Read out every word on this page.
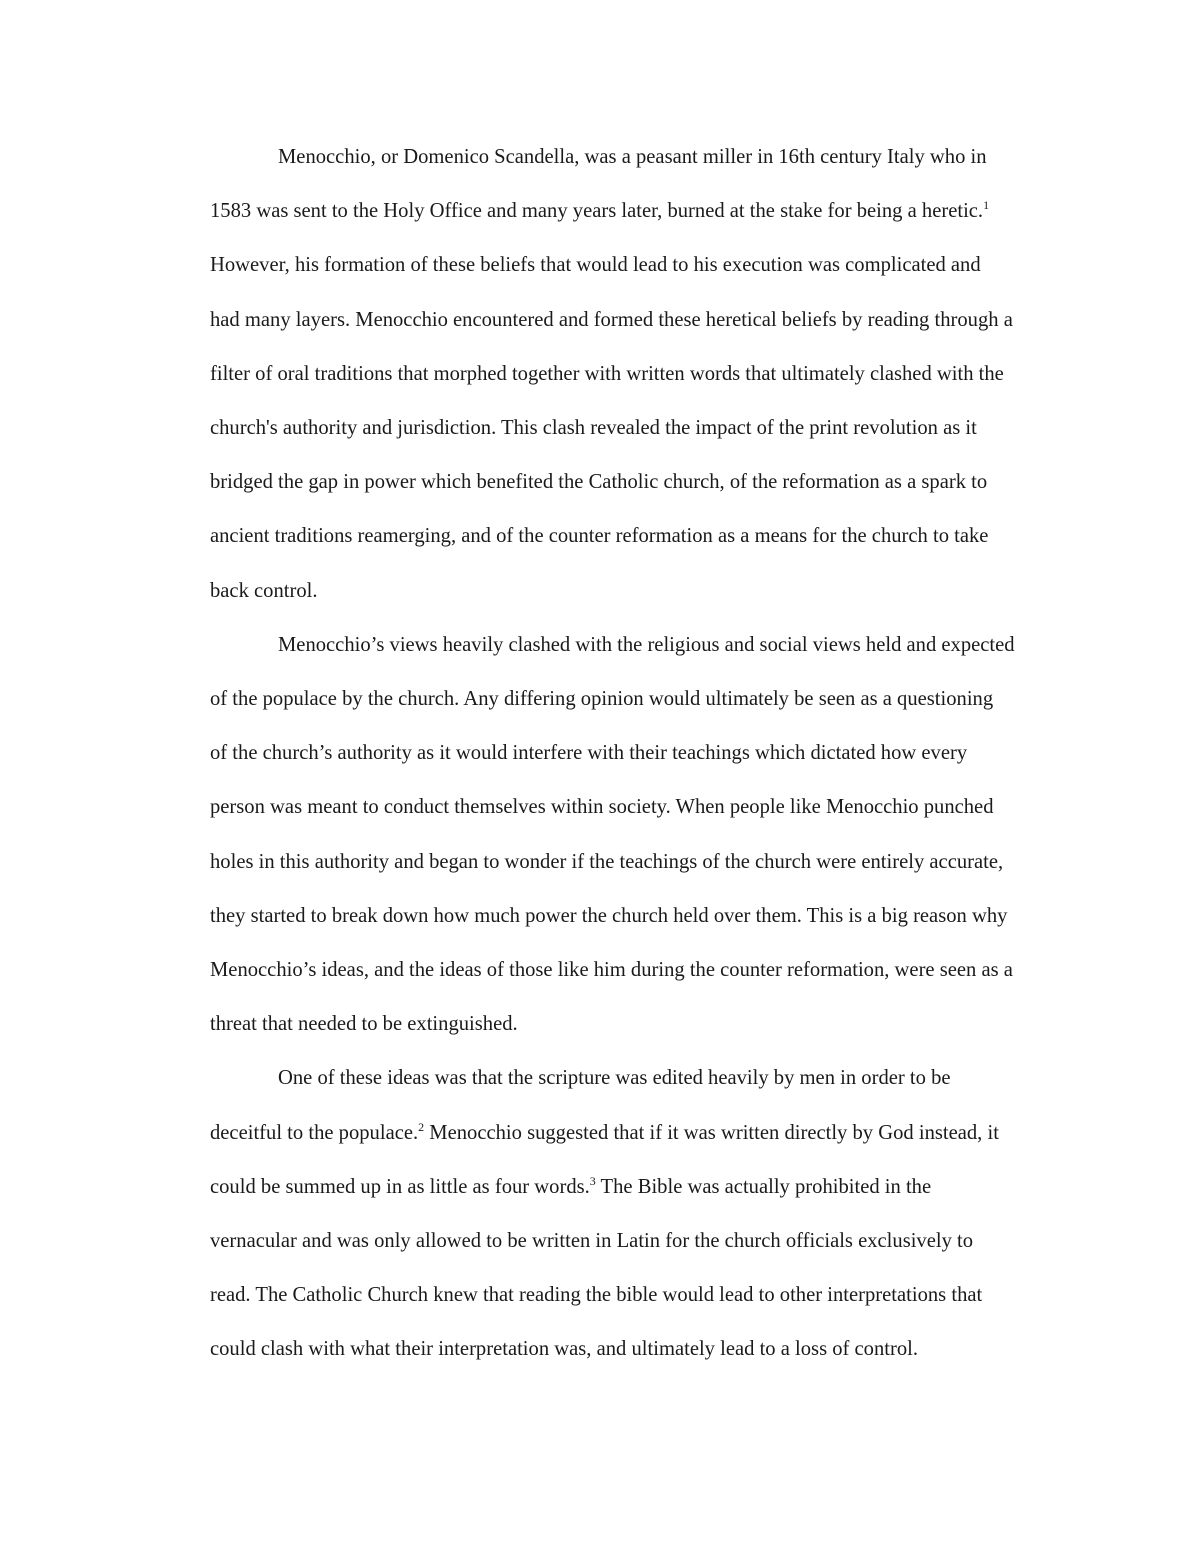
Menocchio, or Domenico Scandella, was a peasant miller in 16th century Italy who in
1583 was sent to the Holy Office and many years later, burned at the stake for being a heretic.$^1$
However, his formation of these beliefs that would lead to his execution was complicated and
had many layers. Menocchio encountered and formed these heretical beliefs by reading through a
filter of oral traditions that morphed together with written words that ultimately clashed with the
church's authority and jurisdiction. This clash revealed the impact of the print revolution as it
bridged the gap in power which benefited the Catholic church, of the reformation as a spark to
ancient traditions reamerging, and of the counter reformation as a means for the church to take
back control.
Menocchio’s views heavily clashed with the religious and social views held and expected
of the populace by the church. Any differing opinion would ultimately be seen as a questioning
of the church’s authority as it would interfere with their teachings which dictated how every
person was meant to conduct themselves within society. When people like Menocchio punched
holes in this authority and began to wonder if the teachings of the church were entirely accurate,
they started to break down how much power the church held over them. This is a big reason why
Menocchio’s ideas, and the ideas of those like him during the counter reformation, were seen as a
threat that needed to be extinguished.
One of these ideas was that the scripture was edited heavily by men in order to be
deceitful to the populace.$^2$ Menocchio suggested that if it was written directly by God instead, it
could be summed up in as little as four words.$^3$ The Bible was actually prohibited in the
vernacular and was only allowed to be written in Latin for the church officials exclusively to
read. The Catholic Church knew that reading the bible would lead to other interpretations that
could clash with what their interpretation was, and ultimately lead to a loss of control.
